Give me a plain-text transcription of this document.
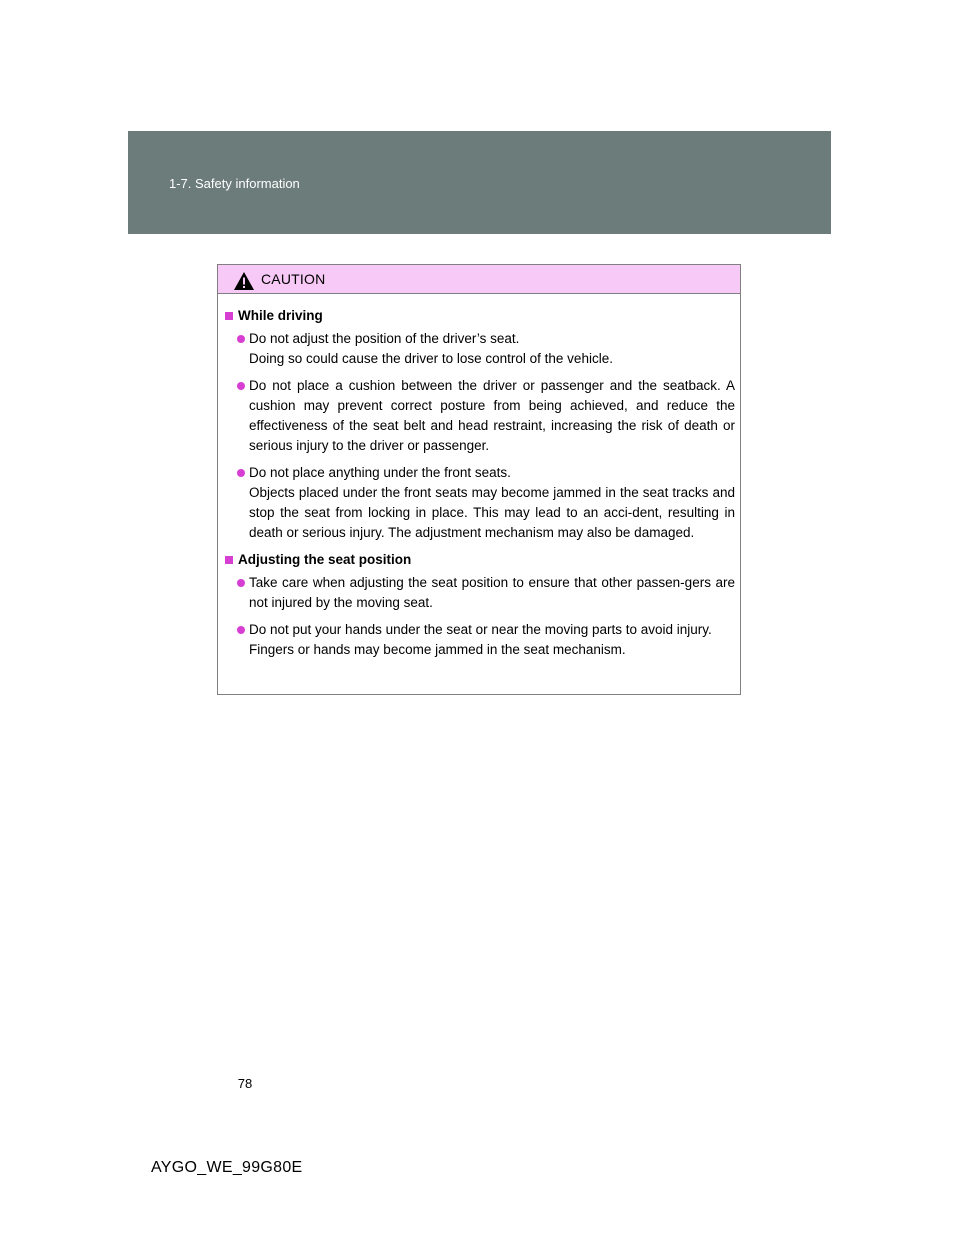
1-7. Safety information
CAUTION
While driving

Do not adjust the position of the driver’s seat.

Doing so could cause the driver to lose control of the vehicle.

Do not place a cushion between the driver or passenger and the seatback. A cushion may prevent correct posture from being achieved, and reduce the effectiveness of the seat belt and head restraint, increasing the risk of death or serious injury to the driver or passenger.

Do not place anything under the front seats.

Objects placed under the front seats may become jammed in the seat tracks and stop the seat from locking in place. This may lead to an acci-dent, resulting in death or serious injury. The adjustment mechanism may also be damaged.

Adjusting the seat position

Take care when adjusting the seat position to ensure that other passen-gers are not injured by the moving seat.

Do not put your hands under the seat or near the moving parts to avoid injury.

Fingers or hands may become jammed in the seat mechanism.

78
AYGO_WE_99G80E
